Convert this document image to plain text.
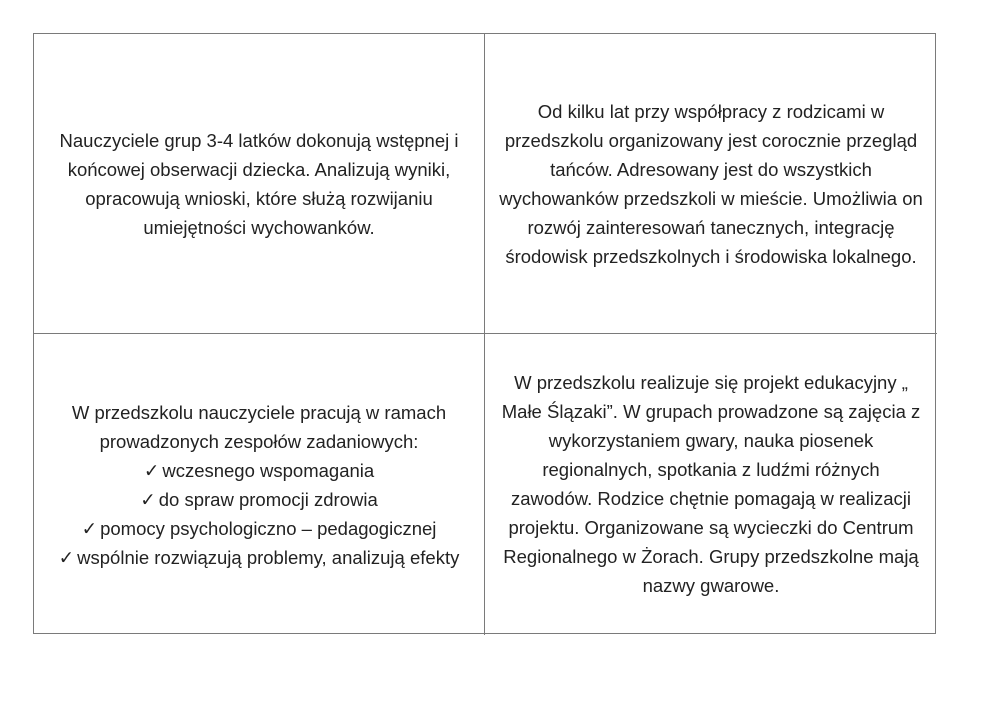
Nauczyciele grup 3-4 latków dokonują wstępnej i końcowej obserwacji dziecka. Analizują wyniki, opracowują wnioski, które służą rozwijaniu umiejętności wychowanków.

Od kilku lat przy współpracy z rodzicami w przedszkolu organizowany jest corocznie przegląd tańców. Adresowany jest do wszystkich wychowanków przedszkoli w mieście. Umożliwia on rozwój zainteresowań tanecznych, integrację środowisk przedszkolnych i środowiska lokalnego.

W przedszkolu nauczyciele pracują w ramach prowadzonych zespołów zadaniowych:
✓ wczesnego wspomagania
✓ do spraw promocji zdrowia
✓ pomocy psychologiczno – pedagogicznej
✓ wspólnie rozwiązują problemy, analizują efekty

W przedszkolu realizuje się projekt edukacyjny „ Małe Ślązaki”. W grupach prowadzone są zajęcia z wykorzystaniem gwary, nauka piosenek regionalnych, spotkania z ludźmi różnych zawodów. Rodzice chętnie pomagają w realizacji projektu. Organizowane są wycieczki do Centrum Regionalnego w Żorach. Grupy przedszkolne mają nazwy gwarowe.
